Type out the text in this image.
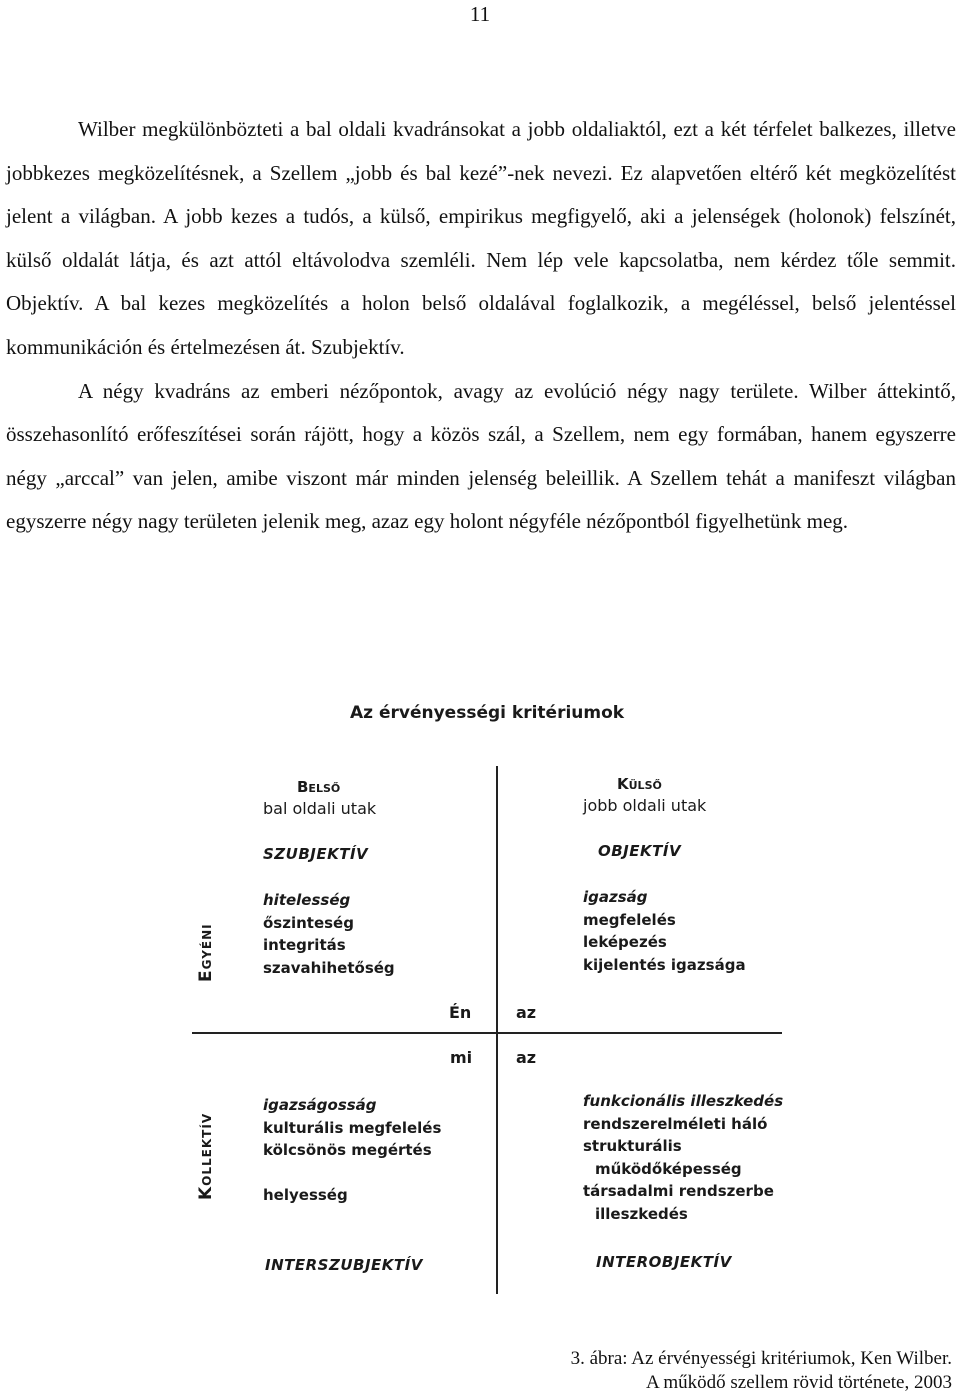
11

Wilber megkülönbözteti a bal oldali kvadránsokat a jobb oldaliaktól, ezt a két térfelet balkezes, illetve jobbkezes megközelítésnek, a Szellem „jobb és bal kezé”-nek nevezi. Ez alapvetően eltérő két megközelítést jelent a világban. A jobb kezes a tudós, a külső, empirikus megfigyelő, aki a jelenségek (holonok) felszínét, külső oldalát látja, és azt attól eltávolodva szemléli. Nem lép vele kapcsolatba, nem kérdez tőle semmit. Objektív. A bal kezes megközelítés a holon belső oldalával foglalkozik, a megéléssel, belső jelentéssel kommunikáción és értelmezésen át. Szubjektív.

A négy kvadráns az emberi nézőpontok, avagy az evolúció négy nagy területe. Wilber áttekintő, összehasonlító erőfeszítései során rájött, hogy a közös szál, a Szellem, nem egy formában, hanem egyszerre négy „arccal” van jelen, amibe viszont már minden jelenség beleillik. A Szellem tehát a manifeszt világban egyszerre négy nagy területen jelenik meg, azaz egy holont négyféle nézőpontból figyelhetünk meg.

Az érvényességi kritériumok
Belső
bal oldali utak
Külső
jobb oldali utak
SZUBJEKTÍV	OBJEKTÍV
hitelesség
őszinteség
integritás
szavahihetőség
igazság
megfelelés
leképezés
kijelentés igazsága
Egyéni
Kollektív
Én	az
mi	az
igazságosság
kulturális megfelelés
kölcsönös megértés
helyesség
funkcionális illeszkedés
rendszerelméleti háló
strukturális
működőképesség
társadalmi rendszerbe
illeszkedés
INTERSZUBJEKTÍV	INTEROBJEKTÍV
3. ábra: Az érvényességi kritériumok, Ken Wilber.
A működő szellem rövid története, 2003
